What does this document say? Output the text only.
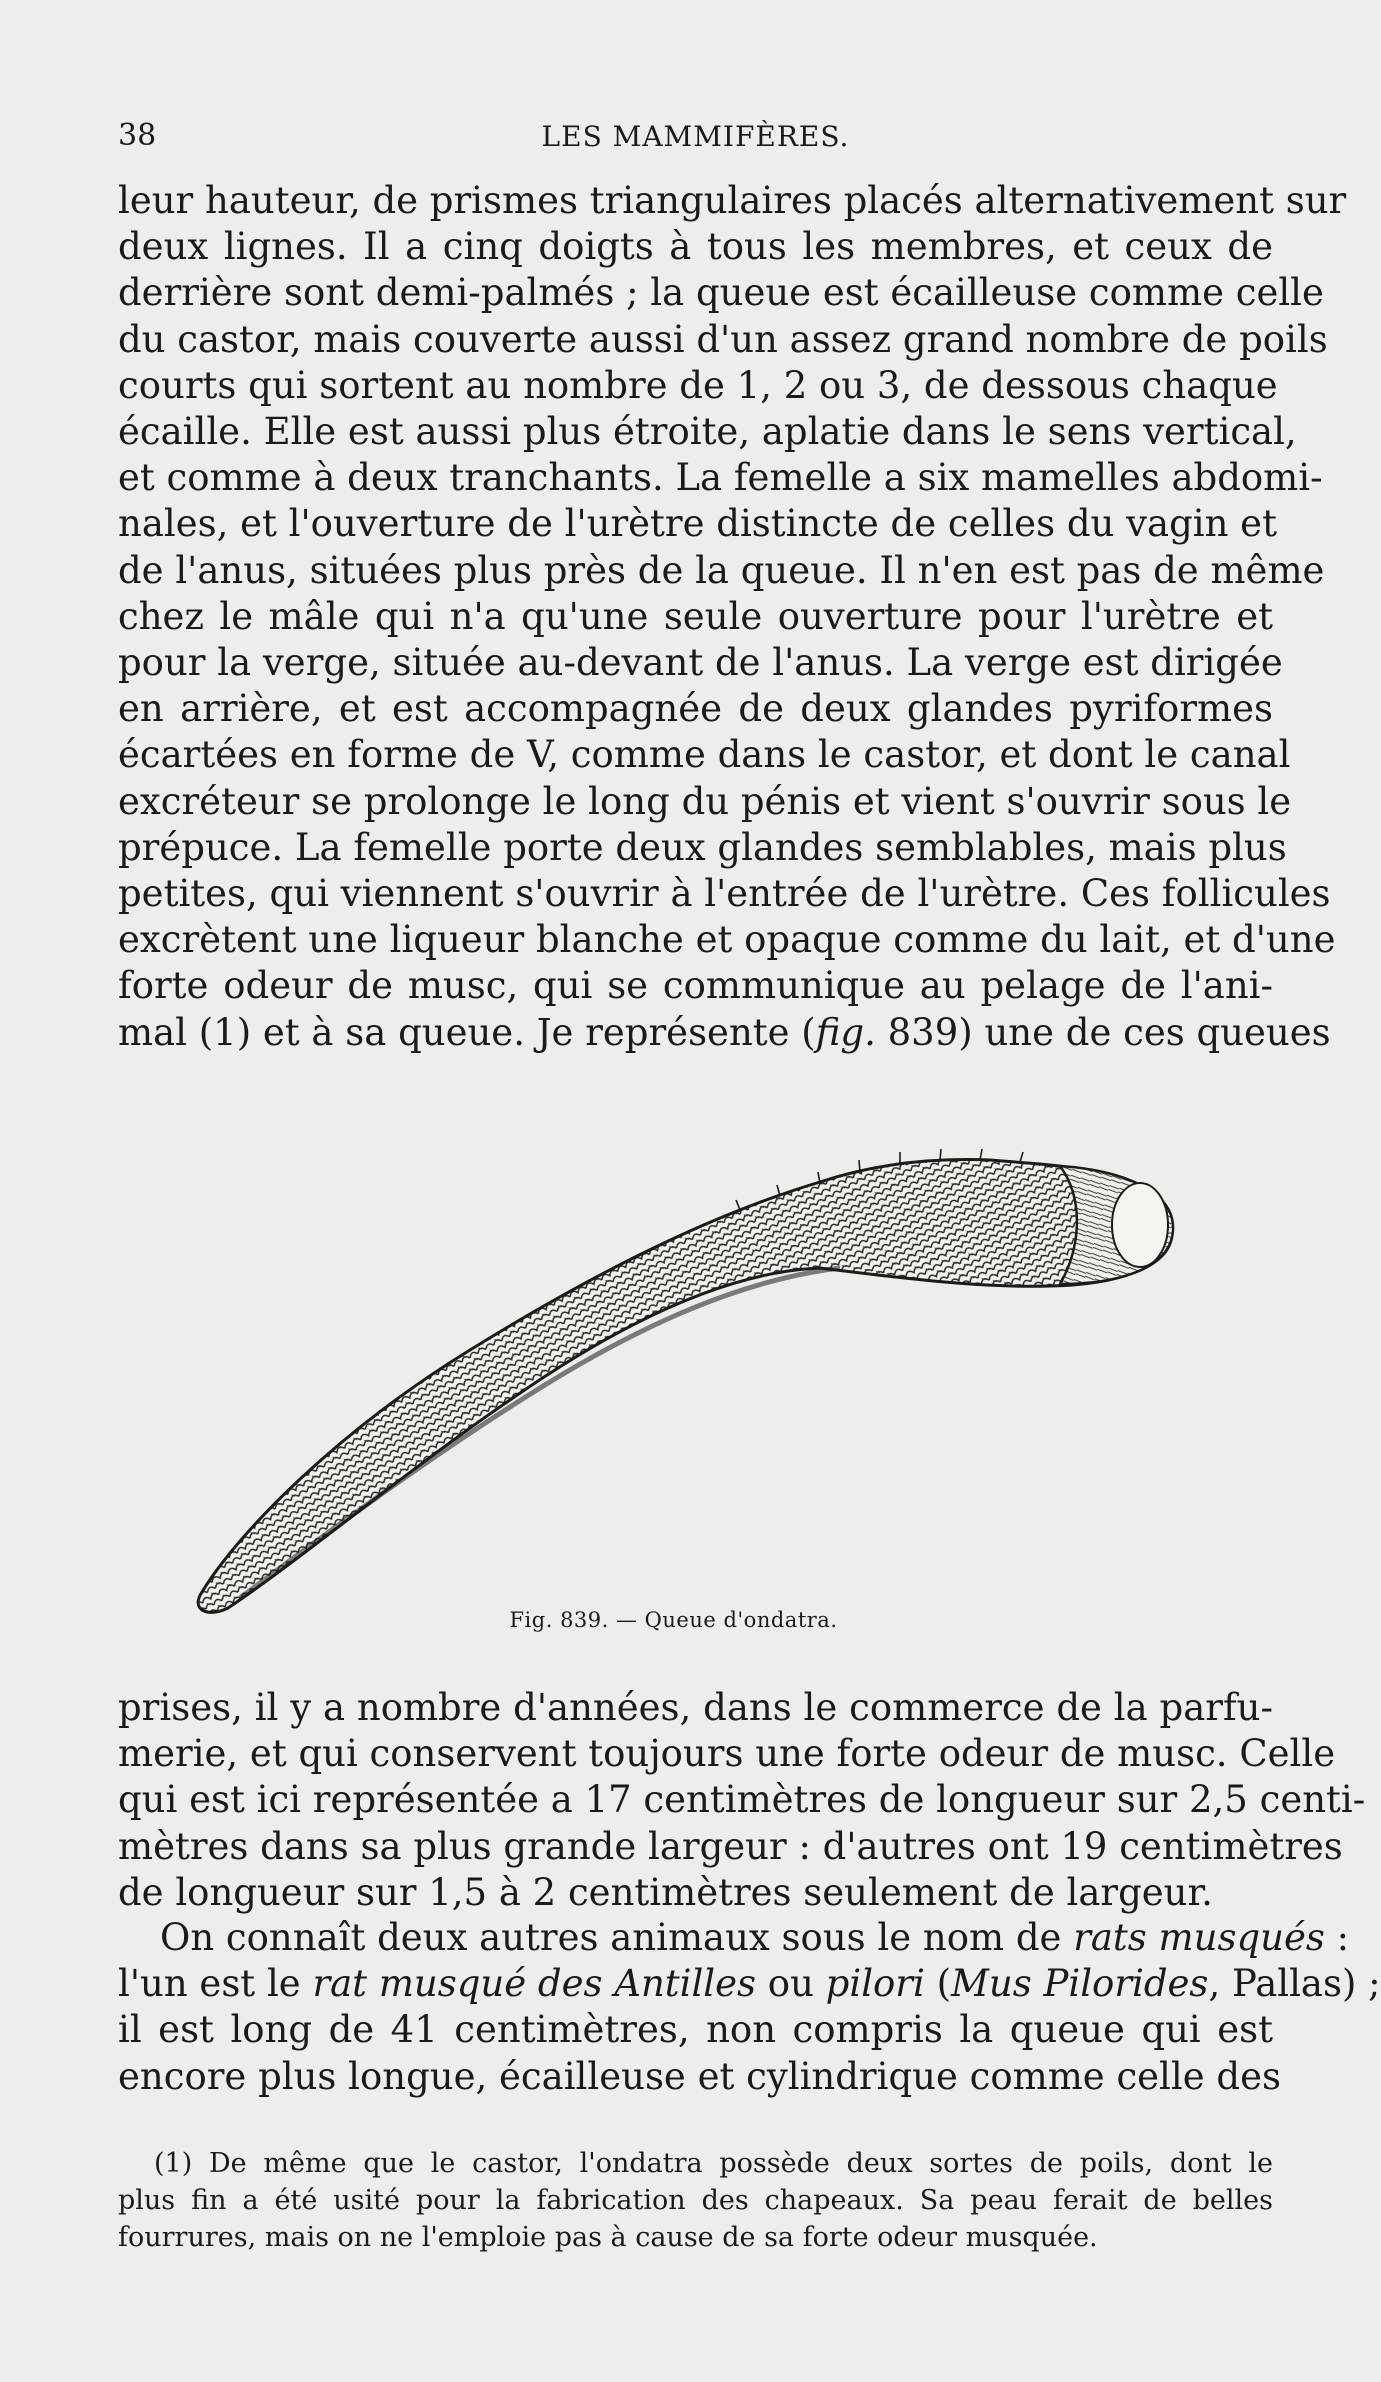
38	LES MAMMIFÈRES.
leur hauteur, de prismes triangulaires placés alternativement sur
deux lignes. Il a cinq doigts à tous les membres, et ceux de
derrière sont demi-palmés ; la queue est écailleuse comme celle
du castor, mais couverte aussi d'un assez grand nombre de poils
courts qui sortent au nombre de 1, 2 ou 3, de dessous chaque
écaille. Elle est aussi plus étroite, aplatie dans le sens vertical,
et comme à deux tranchants. La femelle a six mamelles abdomi-
nales, et l'ouverture de l'urètre distincte de celles du vagin et
de l'anus, situées plus près de la queue. Il n'en est pas de même
chez le mâle qui n'a qu'une seule ouverture pour l'urètre et
pour la verge, située au-devant de l'anus. La verge est dirigée
en arrière, et est accompagnée de deux glandes pyriformes
écartées en forme de V, comme dans le castor, et dont le canal
excréteur se prolonge le long du pénis et vient s'ouvrir sous le
prépuce. La femelle porte deux glandes semblables, mais plus
petites, qui viennent s'ouvrir à l'entrée de l'urètre. Ces follicules
excrètent une liqueur blanche et opaque comme du lait, et d'une
forte odeur de musc, qui se communique au pelage de l'ani-
mal (1) et à sa queue. Je représente (fig. 839) une de ces queues
Fig. 839. — Queue d'ondatra.
prises, il y a nombre d'années, dans le commerce de la parfu-
merie, et qui conservent toujours une forte odeur de musc. Celle
qui est ici représentée a 17 centimètres de longueur sur 2,5 centi-
mètres dans sa plus grande largeur : d'autres ont 19 centimètres
de longueur sur 1,5 à 2 centimètres seulement de largeur.
On connaît deux autres animaux sous le nom de rats musqués :
l'un est le rat musqué des Antilles ou pilori (Mus Pilorides, Pallas) ;
il est long de 41 centimètres, non compris la queue qui est
encore plus longue, écailleuse et cylindrique comme celle des
(1) De même que le castor, l'ondatra possède deux sortes de poils, dont le
plus fin a été usité pour la fabrication des chapeaux. Sa peau ferait de belles
fourrures, mais on ne l'emploie pas à cause de sa forte odeur musquée.
